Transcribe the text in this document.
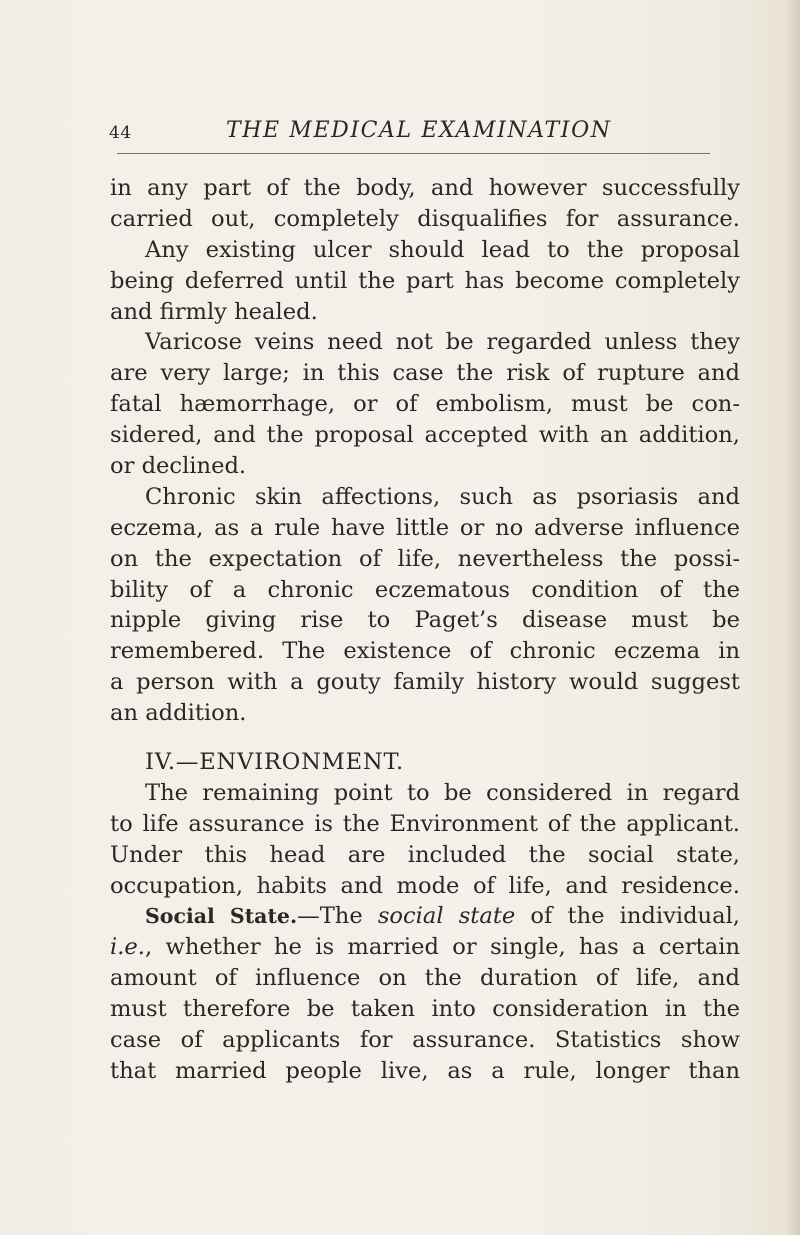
44	THE MEDICAL EXAMINATION
in any part of the body, and however successfully
carried out, completely disqualifies for assurance.
Any existing ulcer should lead to the proposal
being deferred until the part has become completely
and firmly healed.
Varicose veins need not be regarded unless they
are very large; in this case the risk of rupture and
fatal hæmorrhage, or of embolism, must be con-
sidered, and the proposal accepted with an addition,
or declined.
Chronic skin affections, such as psoriasis and
eczema, as a rule have little or no adverse influence
on the expectation of life, nevertheless the possi-
bility of a chronic eczematous condition of the
nipple giving rise to Paget’s disease must be
remembered. The existence of chronic eczema in
a person with a gouty family history would suggest
an addition.
IV.—ENVIRONMENT.
The remaining point to be considered in regard
to life assurance is the Environment of the applicant.
Under this head are included the social state,
occupation, habits and mode of life, and residence.
Social State.—The social state of the individual,
i.e., whether he is married or single, has a certain
amount of influence on the duration of life, and
must therefore be taken into consideration in the
case of applicants for assurance. Statistics show
that married people live, as a rule, longer than
